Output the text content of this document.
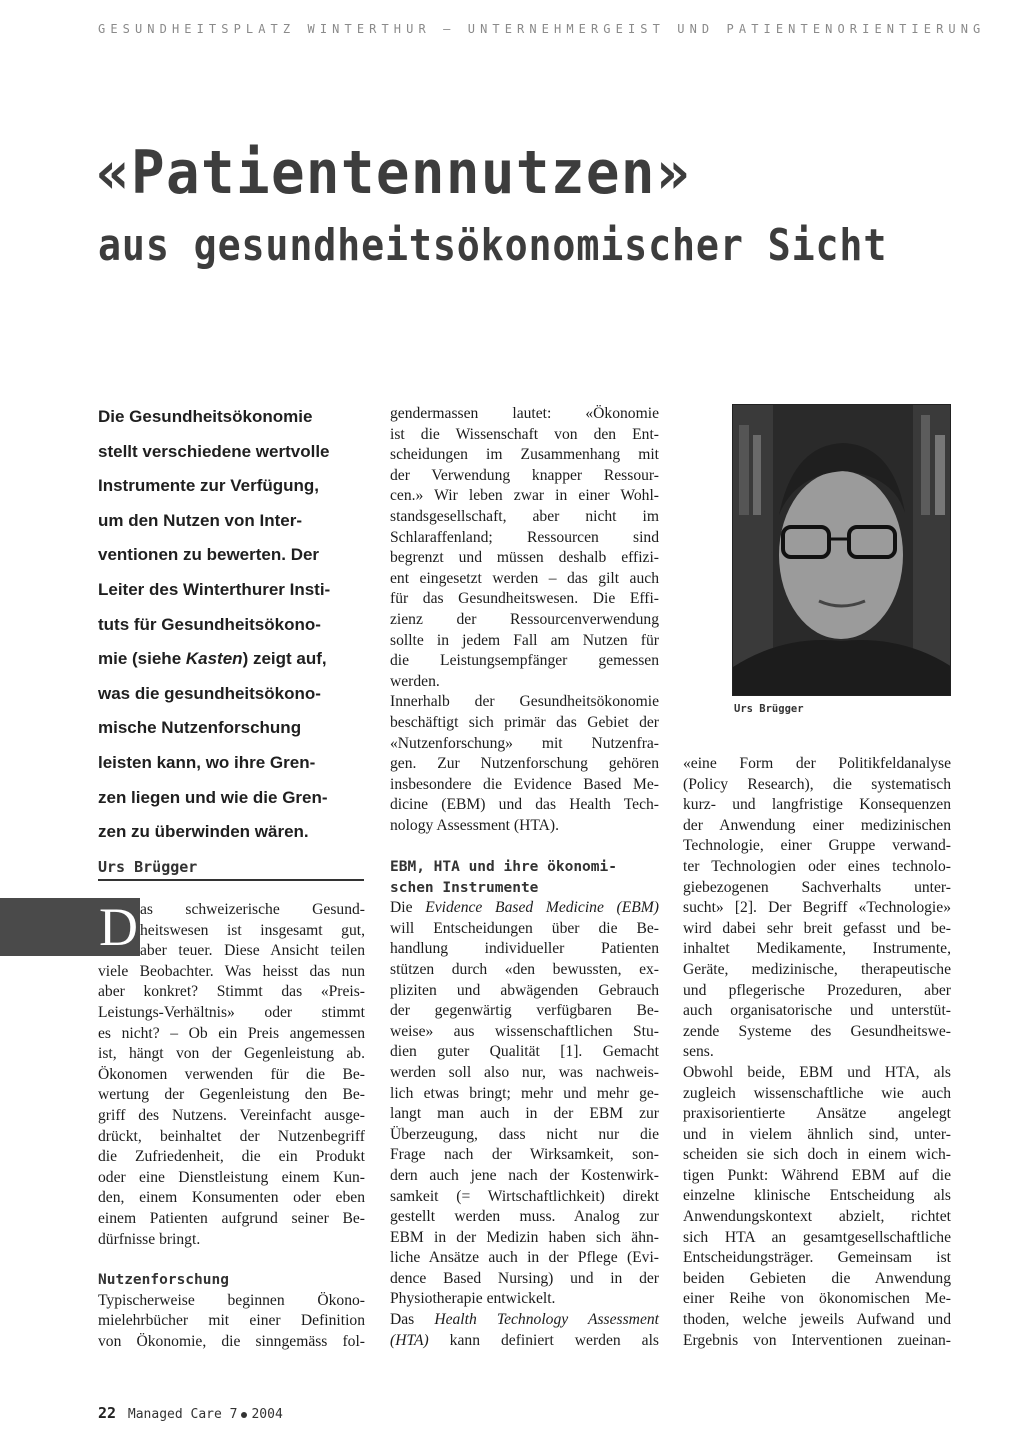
GESUNDHEITSPLATZ WINTERTHUR – UNTERNEHMERGEIST UND PATIENTENORIENTIERUNG
«Patientennutzen»
aus gesundheitsökonomischer Sicht
Die Gesundheitsökonomie
stellt verschiedene wertvolle
Instrumente zur Verfügung,
um den Nutzen von Inter-
ventionen zu bewerten. Der
Leiter des Winterthurer Insti-
tuts für Gesundheitsökono-
mie (siehe Kasten) zeigt auf,
was die gesundheitsökono-
mische Nutzenforschung
leisten kann, wo ihre Gren-
zen liegen und wie die Gren-
zen zu überwinden wären.
Urs Brügger
D as schweizerische Gesund-
heitswesen ist insgesamt gut,
aber teuer. Diese Ansicht teilen
viele Beobachter. Was heisst das nun
aber konkret? Stimmt das «Preis-
Leistungs-Verhältnis» oder stimmt
es nicht? – Ob ein Preis angemessen
ist, hängt von der Gegenleistung ab.
Ökonomen verwenden für die Be-
wertung der Gegenleistung den Be-
griff des Nutzens. Vereinfacht ausge-
drückt, beinhaltet der Nutzenbegriff
die Zufriedenheit, die ein Produkt
oder eine Dienstleistung einem Kun-
den, einem Konsumenten oder eben
einem Patienten aufgrund seiner Be-
dürfnisse bringt.
Nutzenforschung
Typischerweise beginnen Ökono-
mielehrbücher mit einer Definition
von Ökonomie, die sinngemäss fol-
gendermassen lautet: «Ökonomie
ist die Wissenschaft von den Ent-
scheidungen im Zusammenhang mit
der Verwendung knapper Ressour-
cen.» Wir leben zwar in einer Wohl-
standsgesellschaft, aber nicht im
Schlaraffenland; Ressourcen sind
begrenzt und müssen deshalb effizi-
ent eingesetzt werden – das gilt auch
für das Gesundheitswesen. Die Effi-
zienz der Ressourcenverwendung
sollte in jedem Fall am Nutzen für
die Leistungsempfänger gemessen
werden.
Innerhalb der Gesundheitsökonomie
beschäftigt sich primär das Gebiet der
«Nutzenforschung» mit Nutzenfra-
gen. Zur Nutzenforschung gehören
insbesondere die Evidence Based Me-
dicine (EBM) und das Health Tech-
nology Assessment (HTA).
EBM, HTA und ihre ökonomi-
schen Instrumente
Die Evidence Based Medicine (EBM)
will Entscheidungen über die Be-
handlung individueller Patienten
stützen durch «den bewussten, ex-
pliziten und abwägenden Gebrauch
der gegenwärtig verfügbaren Be-
weise» aus wissenschaftlichen Stu-
dien guter Qualität [1]. Gemacht
werden soll also nur, was nachweis-
lich etwas bringt; mehr und mehr ge-
langt man auch in der EBM zur
Überzeugung, dass nicht nur die
Frage nach der Wirksamkeit, son-
dern auch jene nach der Kostenwirk-
samkeit (= Wirtschaftlichkeit) direkt
gestellt werden muss. Analog zur
EBM in der Medizin haben sich ähn-
liche Ansätze auch in der Pflege (Evi-
dence Based Nursing) und in der
Physiotherapie entwickelt.
Das Health Technology Assessment
(HTA) kann definiert werden als
Urs Brügger
«eine Form der Politikfeldanalyse
(Policy Research), die systematisch
kurz- und langfristige Konsequenzen
der Anwendung einer medizinischen
Technologie, einer Gruppe verwand-
ter Technologien oder eines technolo-
giebezogenen Sachverhalts unter-
sucht» [2]. Der Begriff «Technologie»
wird dabei sehr breit gefasst und be-
inhaltet Medikamente, Instrumente,
Geräte, medizinische, therapeutische
und pflegerische Prozeduren, aber
auch organisatorische und unterstüt-
zende Systeme des Gesundheitswe-
sens.
Obwohl beide, EBM und HTA, als
zugleich wissenschaftliche wie auch
praxisorientierte Ansätze angelegt
und in vielem ähnlich sind, unter-
scheiden sie sich doch in einem wich-
tigen Punkt: Während EBM auf die
einzelne klinische Entscheidung als
Anwendungskontext abzielt, richtet
sich HTA an gesamtgesellschaftliche
Entscheidungsträger. Gemeinsam ist
beiden Gebieten die Anwendung
einer Reihe von ökonomischen Me-
thoden, welche jeweils Aufwand und
Ergebnis von Interventionen zueinan-
22 Managed Care 7 2004
